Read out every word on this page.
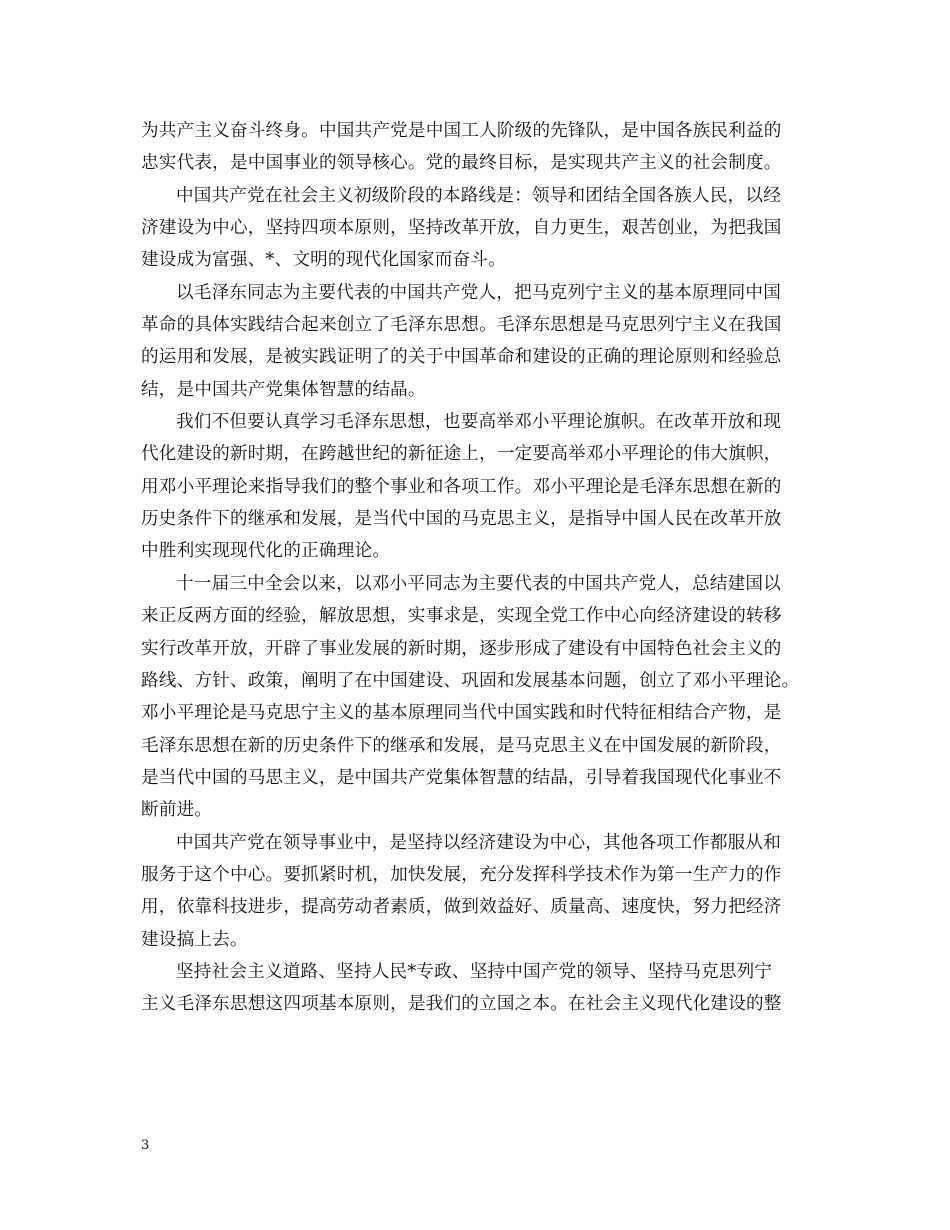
为共产主义奋斗终身。中国共产党是中国工人阶级的先锋队，是中国各族民利益的
忠实代表，是中国事业的领导核心。党的最终目标，是实现共产主义的社会制度。
中国共产党在社会主义初级阶段的本路线是：领导和团结全国各族人民，以经
济建设为中心，坚持四项本原则，坚持改革开放，自力更生，艰苦创业，为把我国
建设成为富强、*、文明的现代化国家而奋斗。
以毛泽东同志为主要代表的中国共产党人，把马克列宁主义的基本原理同中国
革命的具体实践结合起来创立了毛泽东思想。毛泽东思想是马克思列宁主义在我国
的运用和发展，是被实践证明了的关于中国革命和建设的正确的理论原则和经验总
结，是中国共产党集体智慧的结晶。
我们不但要认真学习毛泽东思想，也要高举邓小平理论旗帜。在改革开放和现
代化建设的新时期，在跨越世纪的新征途上，一定要高举邓小平理论的伟大旗帜，
用邓小平理论来指导我们的整个事业和各项工作。邓小平理论是毛泽东思想在新的
历史条件下的继承和发展，是当代中国的马克思主义，是指导中国人民在改革开放
中胜利实现现代化的正确理论。
十一届三中全会以来，以邓小平同志为主要代表的中国共产党人，总结建国以
来正反两方面的经验，解放思想，实事求是，实现全党工作中心向经济建设的转移
实行改革开放，开辟了事业发展的新时期，逐步形成了建设有中国特色社会主义的
路线、方针、政策，阐明了在中国建设、巩固和发展基本问题，创立了邓小平理论。
邓小平理论是马克思宁主义的基本原理同当代中国实践和时代特征相结合产物，是
毛泽东思想在新的历史条件下的继承和发展，是马克思主义在中国发展的新阶段，
是当代中国的马思主义，是中国共产党集体智慧的结晶，引导着我国现代化事业不
断前进。
中国共产党在领导事业中，是坚持以经济建设为中心，其他各项工作都服从和
服务于这个中心。要抓紧时机，加快发展，充分发挥科学技术作为第一生产力的作
用，依靠科技进步，提高劳动者素质，做到效益好、质量高、速度快，努力把经济
建设搞上去。
坚持社会主义道路、坚持人民*专政、坚持中国产党的领导、坚持马克思列宁
主义毛泽东思想这四项基本原则，是我们的立国之本。在社会主义现代化建设的整
3
